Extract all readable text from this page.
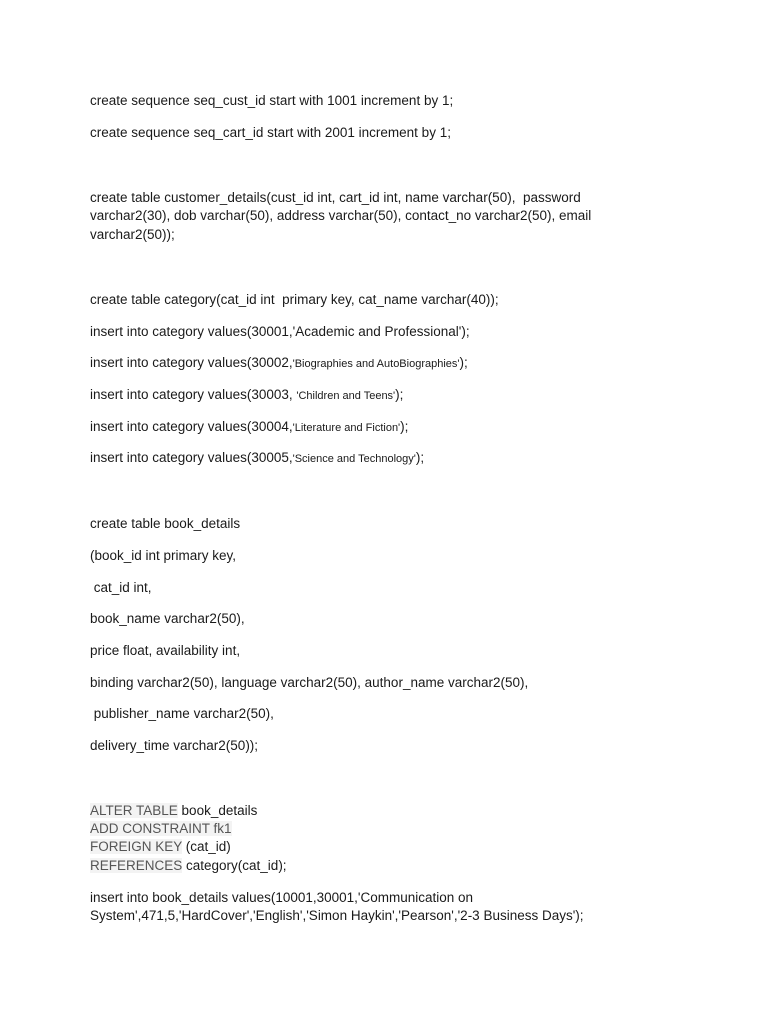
create sequence seq_cust_id start with 1001 increment by 1;

create sequence seq_cart_id start with 2001 increment by 1;

create table customer_details(cust_id int, cart_id int, name varchar(50),  password

varchar2(30), dob varchar(50), address varchar(50), contact_no varchar2(50), email

varchar2(50));

create table category(cat_id int  primary key, cat_name varchar(40));

insert into category values(30001,'Academic and Professional');

insert into category values(30002,'Biographies and AutoBiographies');

insert into category values(30003, 'Children and Teens');

insert into category values(30004,'Literature and Fiction');

insert into category values(30005,'Science and Technology');

create table book_details

(book_id int primary key,

cat_id int,

book_name varchar2(50),

price float, availability int,

binding varchar2(50), language varchar2(50), author_name varchar2(50),

publisher_name varchar2(50),

delivery_time varchar2(50));

ALTER TABLE book_details

ADD CONSTRAINT fk1

FOREIGN KEY (cat_id)

REFERENCES category(cat_id);

insert into book_details values(10001,30001,'Communication on

System',471,5,'HardCover','English','Simon Haykin','Pearson','2-3 Business Days');
